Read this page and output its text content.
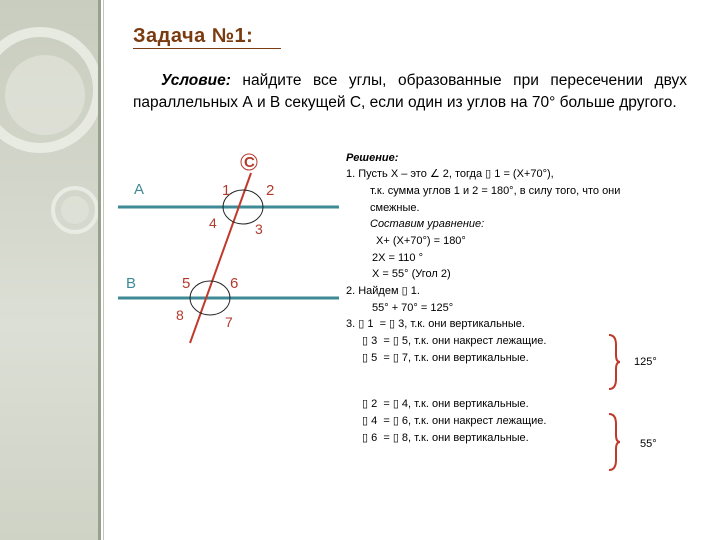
Задача №1:
Условие: найдите все углы, образованные при пересечении двух параллельных А и В секущей С, если один из углов на 70° больше другого.
А
В
С
1 2
3
4
5	6
7
8
Решение:
1. Пусть Х – это ∠ 2, тогда ▯ 1 = (Х+70°),
т.к. сумма углов 1 и 2 = 180°, в силу того, что они
смежные.
Составим уравнение:
Х+ (Х+70°) = 180°
2Х = 110 °
Х = 55° (Угол 2)
2. Найдем ▯ 1.
55° + 70° = 125°
3. ▯ 1  = ▯ 3, т.к. они вертикальные.
▯ 3  = ▯ 5, т.к. они накрест лежащие.
▯ 5  = ▯ 7, т.к. они вертикальные.
▯ 2  = ▯ 4, т.к. они вертикальные.
▯ 4  = ▯ 6, т.к. они накрест лежащие.
▯ 6  = ▯ 8, т.к. они вертикальные.
125°
55°
